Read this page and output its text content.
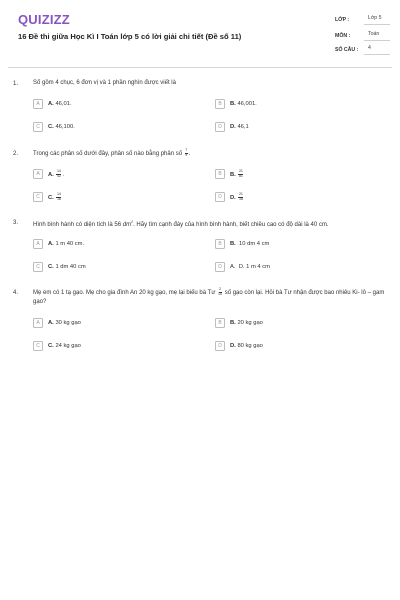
QUIZIZZ
16 Đề thi giữa Học Kì I Toán lớp 5 có lời giải chi tiết (Đề số 11)
LỚP :	Lớp 5
MÔN :	Toán
SỐ CÂU :	4
1. Số gồm 4 chục, 6 đơn vị và 1 phần nghìn được viết là
A	A. 46,01.	B	B. 46,001.
C	C. 46,100.	D	D. 46,1
2. Trong các phân số dưới đây, phân số nào bằng phân số $\frac{7}{9}$ .
A	A. $\frac{14}{42}$ .	B	B. $\frac{21}{81}$
C	C. $\frac{14}{18}$	D	D. $\frac{21}{18}$
3. Hình bình hành có diện tích là 56 $dm^2$. Hãy tìm cạnh đáy của hình bình hành, biết chiều cao có độ dài là 40 cm.
A	A. 1 m 40 cm.	B	B. 10 dm 4 cm
C	C. 1 dm 40 cm	D	A. D. 1 m 4 cm
4. Mẹ em có 1 tạ gạo. Mẹ cho gia đình An 20 kg gạo, mẹ lại biếu bà Tư $\frac{2}{10}$ số gạo còn lại. Hỏi bà Tư nhận được bao nhiêu Ki- lô – gam gạo?
A	A. 30 kg gạo	B	B. 20 kg gạo
C	C. 24 kg gạo	D	D. 80 kg gạo
